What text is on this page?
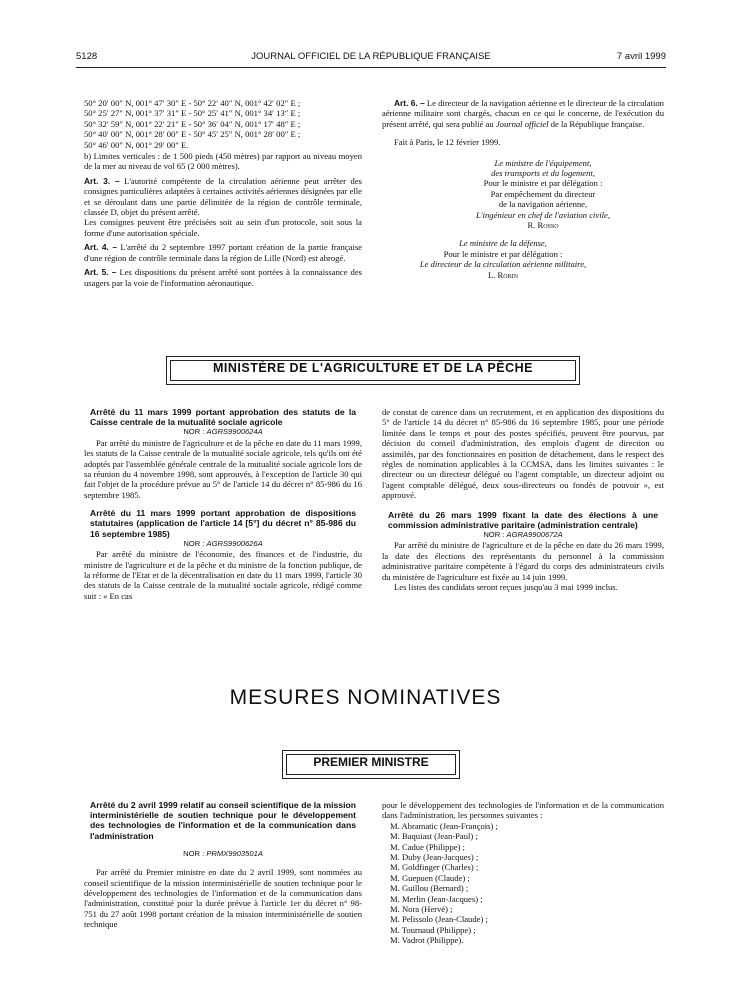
5128	JOURNAL OFFICIEL DE LA RÉPUBLIQUE FRANÇAISE	7 avril 1999
50° 20′ 00″ N, 001° 47′ 30″ E - 50° 22′ 40″ N, 001° 42′ 02″ E ;
50° 25′ 27″ N, 001° 37′ 31″ E - 50° 25′ 41″ N, 001° 34′ 13″ E ;
50° 32′ 59″ N, 001° 22′ 21″ E - 50° 36′ 04″ N, 001° 17′ 48″ E ;
50° 40′ 00″ N, 001° 28′ 00″ E - 50° 45′ 25″ N, 001° 28′ 00″ E ;
50° 46′ 00″ N, 001° 29′ 00″ E.

b) Limites verticales : de 1 500 pieds (450 mètres) par rapport au niveau moyen de la mer au niveau de vol 65 (2 000 mètres).

Art. 3. – L'autorité compétente de la circulation aérienne peut arrêter des consignes particulières adaptées à certaines activités aériennes désignées par elle et se déroulant dans une partie délimitée de la région de contrôle terminale, classée D, objet du présent arrêté.

Les consignes peuvent être précisées soit au sein d'un protocole, soit sous la forme d'une autorisation spéciale.

Art. 4. – L'arrêté du 2 septembre 1997 portant création de la partie française d'une région de contrôle terminale dans la région de Lille (Nord) est abrogé.

Art. 5. – Les dispositions du présent arrêté sont portées à la connaissance des usagers par la voie de l'information aéronautique.

Art. 6. – Le directeur de la navigation aérienne et le directeur de la circulation aérienne militaire sont chargés, chacun en ce qui le concerne, de l'exécution du présent arrêté, qui sera publié au Journal officiel de la République française.

Fait à Paris, le 12 février 1999.

Le ministre de l'équipement,
des transports et du logement,
Pour le ministre et par délégation :
Par empêchement du directeur
de la navigation aérienne,
L'ingénieur en chef de l'aviation civile,
R. Rosso
Le ministre de la défense,
Pour le ministre et par délégation :
Le directeur de la circulation aérienne militaire,
L. Robin
MINISTÈRE DE L'AGRICULTURE ET DE LA PÊCHE

Arrêté du 11 mars 1999 portant approbation des statuts de la Caisse centrale de la mutualité sociale agricole

NOR : AGRS9900624A

Par arrêté du ministre de l'agriculture et de la pêche en date du 11 mars 1999, les statuts de la Caisse centrale de la mutualité sociale agricole, tels qu'ils ont été adoptés par l'assemblée générale centrale de la mutualité sociale agricole lors de sa réunion du 4 novembre 1998, sont approuvés, à l'exception de l'article 30 qui fait l'objet de la procédure prévue au 5° de l'article 14 du décret n° 85-986 du 16 septembre 1985.

Arrêté du 11 mars 1999 portant approbation de dispositions statutaires (application de l'article 14 [5°] du décret n° 85-986 du 16 septembre 1985)

NOR : AGRS9900626A

Par arrêté du ministre de l'économie, des finances et de l'industrie, du ministre de l'agriculture et de la pêche et du ministre de la fonction publique, de la réforme de l'Etat et de la décentralisation en date du 11 mars 1999, l'article 30 des statuts de la Caisse centrale de la mutualité sociale agricole, rédigé comme suit : « En cas

de constat de carence dans un recrutement, et en application des dispositions du 5° de l'article 14 du décret n° 85-986 du 16 septembre 1985, pour une période limitée dans le temps et pour des postes spécifiés, peuvent être pourvus, par décision du conseil d'administration, des emplois d'agent de direction ou assimilés, par des fonctionnaires en position de détachement, dans le respect des règles de nomination applicables à la CCMSA, dans les limites suivantes : le directeur ou un directeur délégué ou l'agent comptable, un directeur adjoint ou l'agent comptable délégué, deux sous-directeurs ou fondés de pouvoir », est approuvé.

Arrêté du 26 mars 1999 fixant la date des élections à une commission administrative paritaire (administration centrale)

NOR : AGRA9900672A

Par arrêté du ministre de l'agriculture et de la pêche en date du 26 mars 1999, la date des élections des représentants du personnel à la commission administrative paritaire compétente à l'égard du corps des administrateurs civils du ministère de l'agriculture est fixée au 14 juin 1999.

Les listes des candidats seront reçues jusqu'au 3 mai 1999 inclus.

MESURES NOMINATIVES
PREMIER MINISTRE

Arrêté du 2 avril 1999 relatif au conseil scientifique de la mission interministérielle de soutien technique pour le développement des technologies de l'information et de la communication dans l'administration

NOR : PRMX9903501A

Par arrêté du Premier ministre en date du 2 avril 1999, sont nommées au conseil scientifique de la mission interministérielle de soutien technique pour le développement des technologies de l'information et de la communication dans l'administration, constitué pour la durée prévue à l'article 1er du décret n° 98-751 du 27 août 1998 portant création de la mission interministérielle de soutien technique

pour le développement des technologies de l'information et de la communication dans l'administration, les personnes suivantes :

M. Abramatic (Jean-François) ;
M. Baquiast (Jean-Paul) ;
M. Cadue (Philippe) ;
M. Duby (Jean-Jacques) ;
M. Goldfinger (Charles) ;
M. Guepuen (Claude) ;
M. Guillou (Bernard) ;
M. Merlin (Jean-Jacques) ;
M. Nora (Hervé) ;
M. Pelissolo (Jean-Claude) ;
M. Tournaud (Philippe) ;
M. Vadrot (Philippe).
